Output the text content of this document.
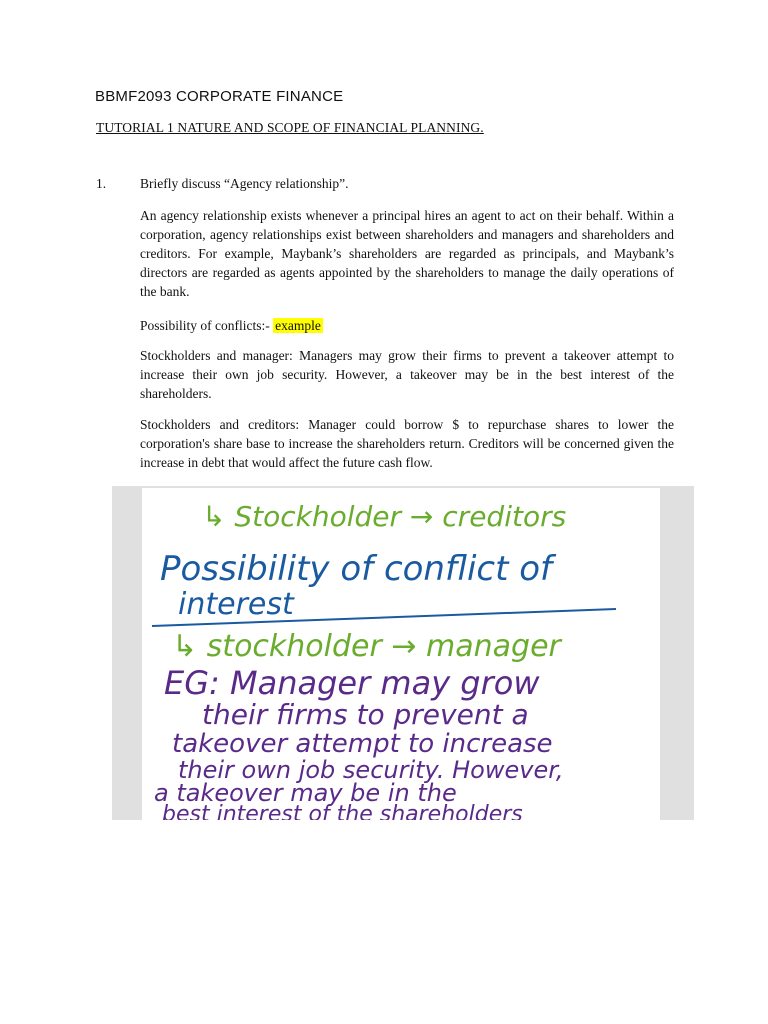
BBMF2093 CORPORATE FINANCE
TUTORIAL 1 NATURE AND SCOPE OF FINANCIAL PLANNING.
1.	Briefly discuss “Agency relationship”.

An agency relationship exists whenever a principal hires an agent to act on their behalf. Within a corporation, agency relationships exist between shareholders and managers and shareholders and creditors. For example, Maybank’s shareholders are regarded as principals, and Maybank’s directors are regarded as agents appointed by the shareholders to manage the daily operations of the bank.

Possibility of conflicts:- example

Stockholders and manager: Managers may grow their firms to prevent a takeover attempt to increase their own job security. However, a takeover may be in the best interest of the shareholders.

Stockholders and creditors: Manager could borrow $ to repurchase shares to lower the corporation's share base to increase the shareholders return. Creditors will be concerned given the increase in debt that would affect the future cash flow.

↳ Stockholder → creditors
Possibility of conflict of
interest
↳ stockholder → manager
EG: Manager may grow
their firms to prevent a
takeover attempt to increase
their own job security. However,
a takeover may be in the
best interest of the shareholders
